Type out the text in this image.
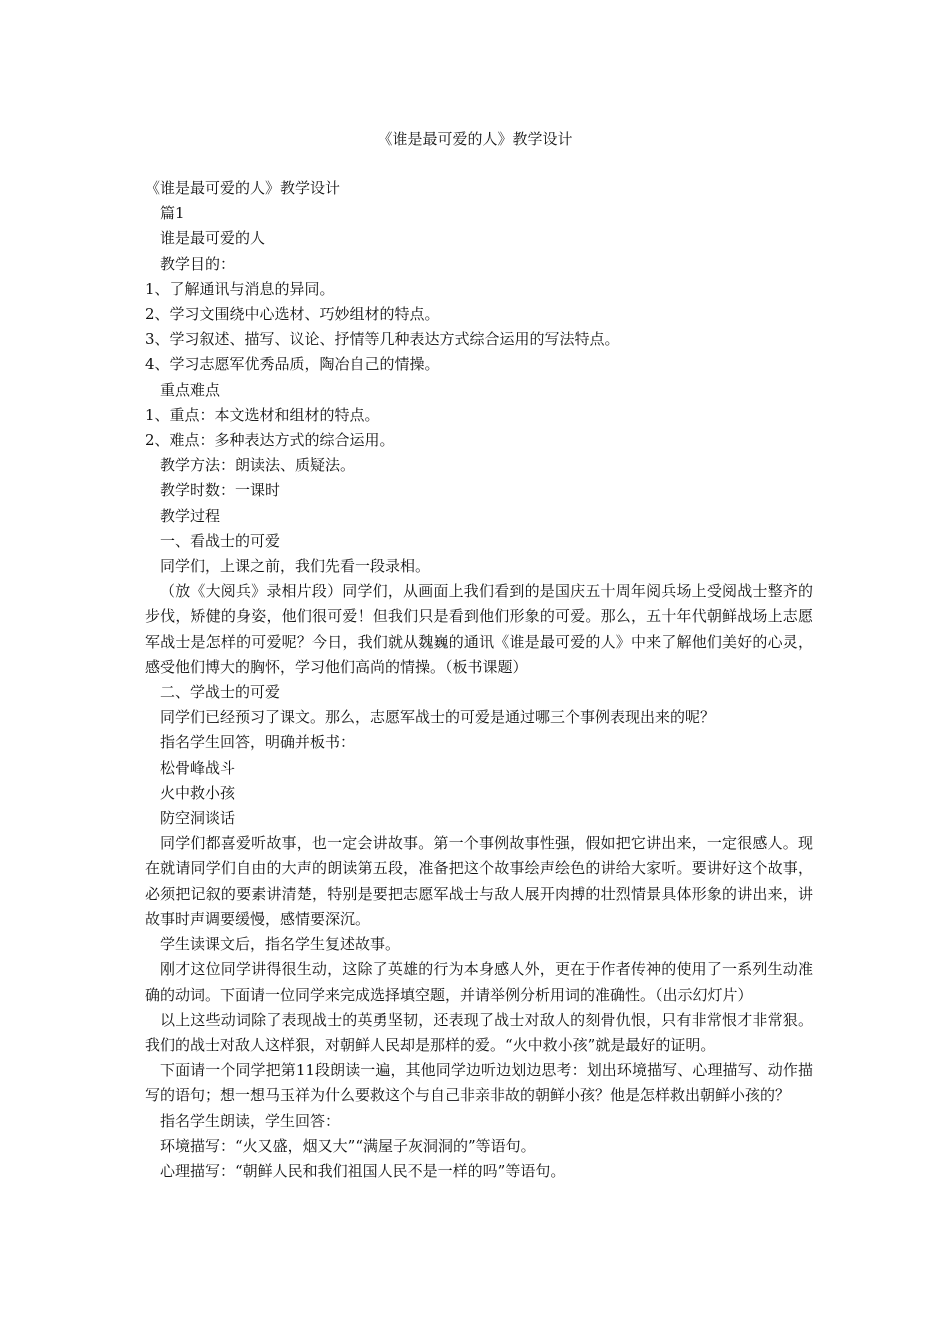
《谁是最可爱的人》教学设计

《谁是最可爱的人》教学设计

篇1

谁是最可爱的人

教学目的：

1、了解通讯与消息的异同。

2、学习文围绕中心选材、巧妙组材的特点。

3、学习叙述、描写、议论、抒情等几种表达方式综合运用的写法特点。

4、学习志愿军优秀品质，陶冶自己的情操。

重点难点

1、重点：本文选材和组材的特点。

2、难点：多种表达方式的综合运用。

教学方法：朗读法、质疑法。

教学时数：一课时

教学过程

一、看战士的可爱

同学们，上课之前，我们先看一段录相。

（放《大阅兵》录相片段）同学们，从画面上我们看到的是国庆五十周年阅兵场上受阅战士整齐的步伐，矫健的身姿，他们很可爱！但我们只是看到他们形象的可爱。那么，五十年代朝鲜战场上志愿军战士是怎样的可爱呢？今日，我们就从魏巍的通讯《谁是最可爱的人》中来了解他们美好的心灵，感受他们博大的胸怀，学习他们高尚的情操。（板书课题）

二、学战士的可爱

同学们已经预习了课文。那么，志愿军战士的可爱是通过哪三个事例表现出来的呢？

指名学生回答，明确并板书：

松骨峰战斗

火中救小孩

防空洞谈话

同学们都喜爱听故事，也一定会讲故事。第一个事例故事性强，假如把它讲出来，一定很感人。现在就请同学们自由的大声的朗读第五段，准备把这个故事绘声绘色的讲给大家听。要讲好这个故事，必须把记叙的要素讲清楚，特别是要把志愿军战士与敌人展开肉搏的壮烈情景具体形象的讲出来，讲故事时声调要缓慢，感情要深沉。

学生读课文后，指名学生复述故事。

刚才这位同学讲得很生动，这除了英雄的行为本身感人外，更在于作者传神的使用了一系列生动准确的动词。下面请一位同学来完成选择填空题，并请举例分析用词的准确性。（出示幻灯片）

以上这些动词除了表现战士的英勇坚韧，还表现了战士对敌人的刻骨仇恨，只有非常恨才非常狠。我们的战士对敌人这样狠，对朝鲜人民却是那样的爱。“火中救小孩”就是最好的证明。

下面请一个同学把第11段朗读一遍，其他同学边听边划边思考：划出环境描写、心理描写、动作描写的语句；想一想马玉祥为什么要救这个与自己非亲非故的朝鲜小孩？他是怎样救出朝鲜小孩的？

指名学生朗读，学生回答：

环境描写：“火又盛，烟又大”“满屋子灰洞洞的”等语句。

心理描写：“朝鲜人民和我们祖国人民不是一样的吗”等语句。
